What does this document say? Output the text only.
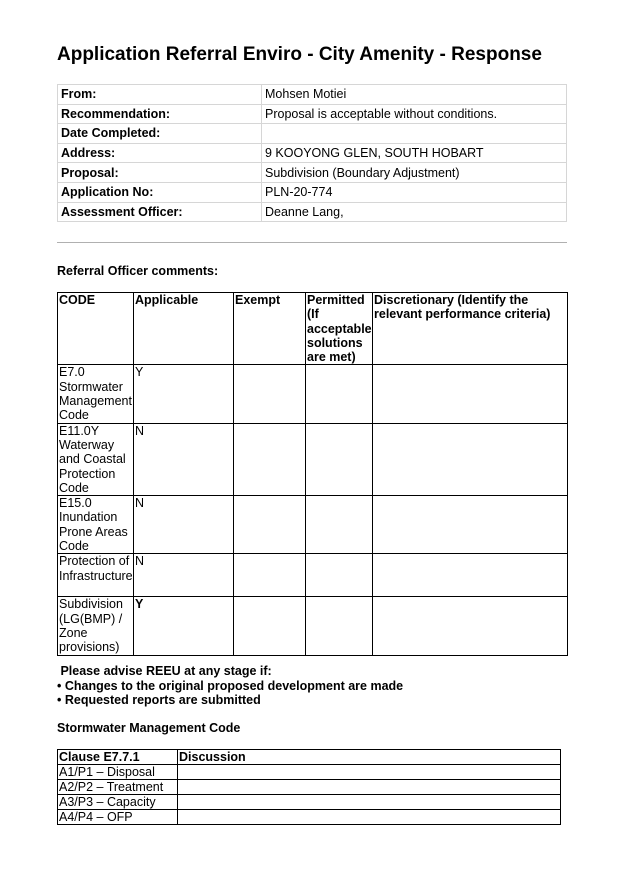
Application Referral Enviro - City Amenity - Response
From:	Mohsen Motiei
Recommendation:	Proposal is acceptable without conditions.
Date Completed:	
Address:	9 KOOYONG GLEN, SOUTH HOBART
Proposal:	Subdivision (Boundary Adjustment)
Application No:	PLN-20-774
Assessment Officer:	Deanne Lang,

Referral Officer comments:

CODE	Applicable	Exempt	Permitted (If acceptable solutions are met)	Discretionary (Identify the relevant performance criteria)
E7.0 Stormwater Management Code	Y			
E11.0Y Waterway and Coastal Protection Code	N			
E15.0 Inundation Prone Areas Code	N			
Protection of Infrastructure	N			
Subdivision (LG(BMP) / Zone provisions)	Y			
Please advise REEU at any stage if:
• Changes to the original proposed development are made
• Requested reports are submitted

Stormwater Management Code

Clause E7.7.1	Discussion
A1/P1 – Disposal	
A2/P2 – Treatment	
A3/P3 – Capacity	
A4/P4 – OFP	
